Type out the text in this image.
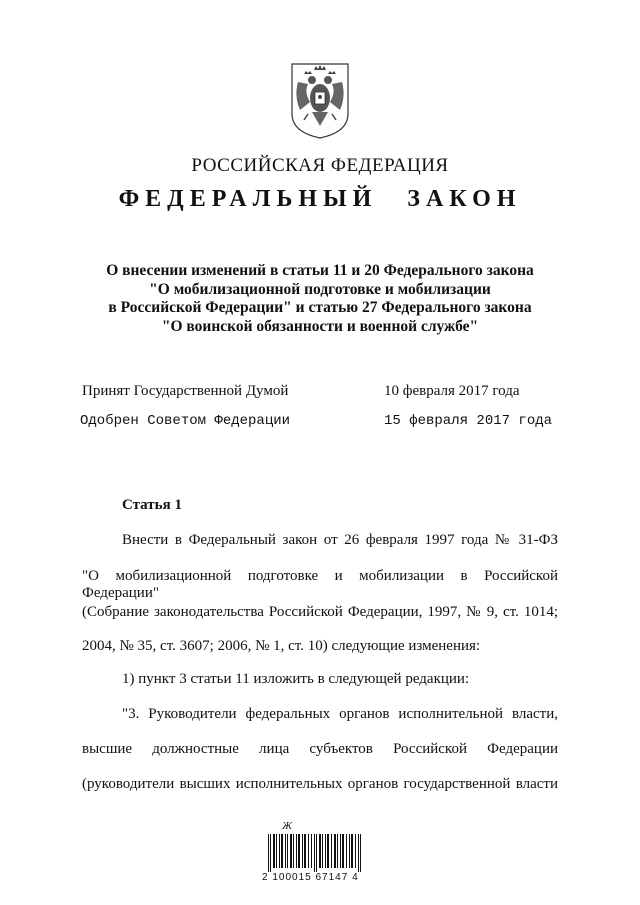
РОССИЙСКАЯ ФЕДЕРАЦИЯ
ФЕДЕРАЛЬНЫЙ ЗАКОН
О внесении изменений в статьи 11 и 20 Федерального закона
"О мобилизационной подготовке и мобилизации
в Российской Федерации" и статью 27 Федерального закона
"О воинской обязанности и военной службе"
Принят Государственной Думой	10 февраля 2017 года
Одобрен Советом Федерации	15 февраля 2017 года
Статья 1
Внести в Федеральный закон от 26 февраля 1997 года № 31-ФЗ
"О мобилизационной подготовке и мобилизации в Российской Федерации"
(Собрание законодательства Российской Федерации, 1997, № 9, ст. 1014;
2004, № 35, ст. 3607; 2006, № 1, ст. 10) следующие изменения:
1) пункт 3 статьи 11 изложить в следующей редакции:
"3. Руководители федеральных органов исполнительной власти,
высшие должностные лица субъектов Российской Федерации
(руководители высших исполнительных органов государственной власти
Ж
2 100015 67147 4
